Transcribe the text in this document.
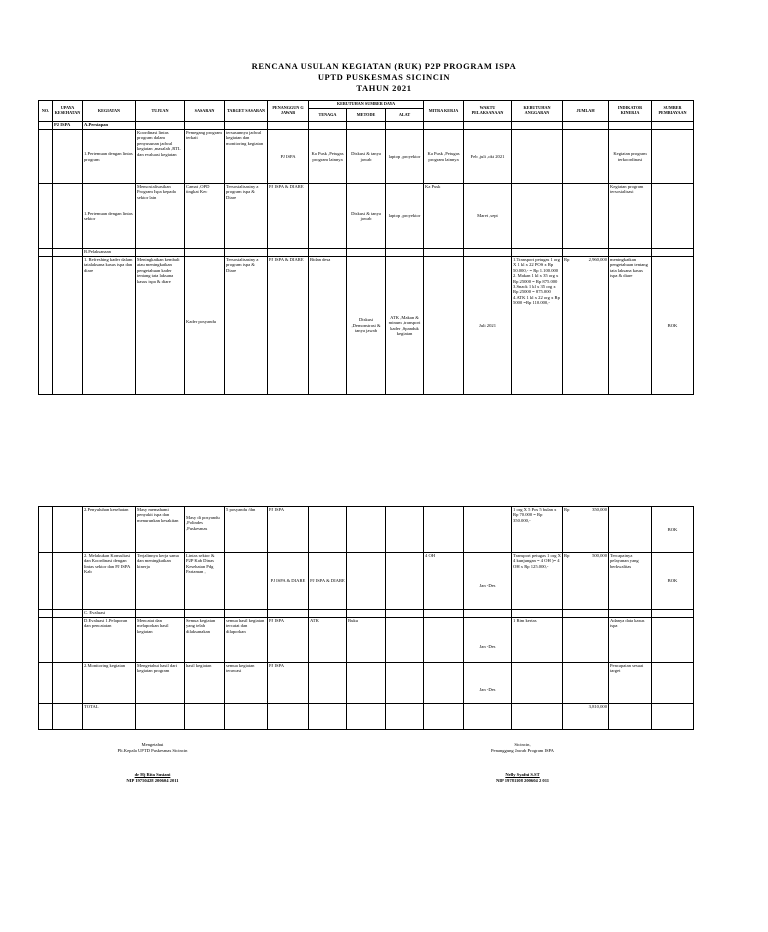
RENCANA USULAN KEGIATAN (RUK) P2P PROGRAM ISPA
UPTD PUSKESMAS SICINCIN
TAHUN 2021
NO.	UPAYA KESEHATAN	KEGIATAN	TUJUAN	SASARAN	TARGET SASARAN	PENANGGUN G JAWAB	KEBUTUHAN SUMBER DAYA			MITRA KERJA	WAKTU PELAKSANAAN	KEBUTUHAN ANGGARAN	JUMLAH	INDIKATOR KINERJA	SUMBER PEMBIAYAAN
							TENAGA	METODE	ALAT						
	P2 ISPA	A.Persiapan													
		1.Pertemuan dengan lintas program	Koordinasi lintas program dalam penyusunan jadwal kegiatan ,masalah ,RTL dan evaluasi kegiatan	Pemegang program terkait	tersusunnya jadwal kegiatan dan monitoring kegiatan	PJ ISPA	Ka Pusk ,Petugas program lainnya	Diskusi & tanya jawab	laptop ,proyektor	Ka Pusk ,Petugas program lainnya	Feb ,juli ,okt 2021			Kegiatan program terkoordinasi	
		1.Pertemuan dengan lintas sektor	Mensosialisasikan Program Ispa kepada sektor lain	Camat ,OPD tingkat Kec	Tersosialisasiny a program ispa & Diare	PJ ISPA & DIARE		Diskusi & tanya jawab	laptop ,proyektor	Ka Pusk	Maret ,sept			Kegiatan program tersosialisasi	
		B.Pelaksanaan													
		1. Refreshing kader dalam tatalaksana kasus ispa dan diare	Meningkatkan kembali atau meningkatkan pengetahuan kader tentang tata laksana kasus ispa & diare	Kader posyandu	Tersosialisasiny a program ispa & Diare	PJ ISPA & DIARE	Bidan desa	Diskusi ,Demonstrasi & tanya jawab	ATK ,Makan & minum ,transport kader ,Spanduk kegiatan		Juli 2021	1.Transport petugas 1 org X 1 kl x 22 POS x Rp 50.000,- = Rp 1.100.000 2. Makan 1 kl x 35 org x Rp 25000 = Rp 875.000 3.Snack 1 kl x 35 org x Rp 25000 = 875.000 4.ATK 1 kl x 22 org x Rp 5000 =Rp 110.000,-	Rp 2,960,000	meningkatkan pengetahuan tentang tata laksana kasus ispa & diare	BOK
		2.Penyuluhan kesehatan	Masy memahami penyakit ispa dan menurunkan kesakitan	Masy di posyandu ,Polindes ,Puskesmas	5 posyandu /thn	PJ ISPA						1 org X 5 Pos 5 bulan x Rp 70.000 = Rp 350.000,-	Rp 350,000		BOK
		2. Melakukan Konsultasi dan Koordinasi dengan lintas sektor dan PJ ISPA Kab	Terjalinnya kerja sama dan meningkatkan kinerja	Lintas sektor & P2P Kab Dinas Kesehatan Pdg Pariaman ,		PJ ISPA & DIARE	PJ ISPA & DIARE			4 OH	Jan -Des	Transport petugas 1 org X 4 kunjungan = 4 OH )= 4 OH x Rp 125.000,-	Rp 500,000	Tercapainya pelayanan yang berkwalitas	BOK
		C. Evaluasi													
		D.Evaluasi 1.Pelaporan dan pencatatan	Mencatat dan melaporkan hasil kegiatan	Semua kegiatan yang telah dilaksanakan	semua hasil kegiatan tercatat dan dilaporkan	PJ ISPA	ATK	Buku			Jan -Des	1 Rim kertas		Adanya data kasus ispa	
		2.Monitoring kegiatan	Mengetahui hasil dari kegiatan program	hasil kegiatan	semua kegiatan terawasi	PJ ISPA					Jan -Des			Pencapaian sesuai target	
		TOTAL											3,810,000		
Mengetahui
Plt.Kepala UPTD Puskesmas Sicincin
dr Hj Rita Susiani
NIP 19750428 200604 2011
Sicincin,
Penanggung Jawab Program ISPA
Nelly Syafni S.ST
NIP 19781108 200604 2 011
